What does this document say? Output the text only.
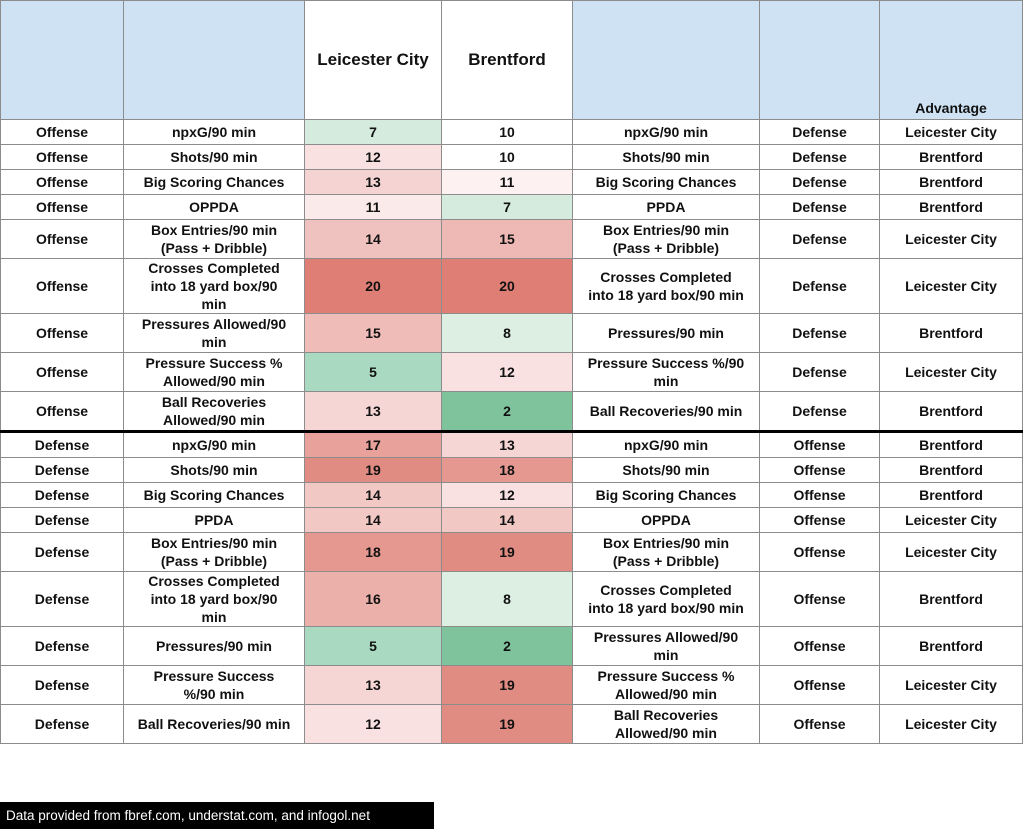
		Leicester City	Brentford			Advantage
Offense	npxG/90 min	7	10	npxG/90 min	Defense	Leicester City
Offense	Shots/90 min	12	10	Shots/90 min	Defense	Brentford
Offense	Big Scoring Chances	13	11	Big Scoring Chances	Defense	Brentford
Offense	OPPDA	11	7	PPDA	Defense	Brentford
Offense	Box Entries/90 min
(Pass + Dribble)	14	15	Box Entries/90 min
(Pass + Dribble)	Defense	Leicester City
Offense	Crosses Completed
into 18 yard box/90
min	20	20	Crosses Completed
into 18 yard box/90 min	Defense	Leicester City
Offense	Pressures Allowed/90
min	15	8	Pressures/90 min	Defense	Brentford
Offense	Pressure Success %
Allowed/90 min	5	12	Pressure Success %/90
min	Defense	Leicester City
Offense	Ball Recoveries
Allowed/90 min	13	2	Ball Recoveries/90 min	Defense	Brentford
Defense	npxG/90 min	17	13	npxG/90 min	Offense	Brentford
Defense	Shots/90 min	19	18	Shots/90 min	Offense	Brentford
Defense	Big Scoring Chances	14	12	Big Scoring Chances	Offense	Brentford
Defense	PPDA	14	14	OPPDA	Offense	Leicester City
Defense	Box Entries/90 min
(Pass + Dribble)	18	19	Box Entries/90 min
(Pass + Dribble)	Offense	Leicester City
Defense	Crosses Completed
into 18 yard box/90
min	16	8	Crosses Completed
into 18 yard box/90 min	Offense	Brentford
Defense	Pressures/90 min	5	2	Pressures Allowed/90
min	Offense	Brentford
Defense	Pressure Success
%/90 min	13	19	Pressure Success %
Allowed/90 min	Offense	Leicester City
Defense	Ball Recoveries/90 min	12	19	Ball Recoveries
Allowed/90 min	Offense	Leicester City
Data provided from fbref.com, understat.com, and infogol.net
